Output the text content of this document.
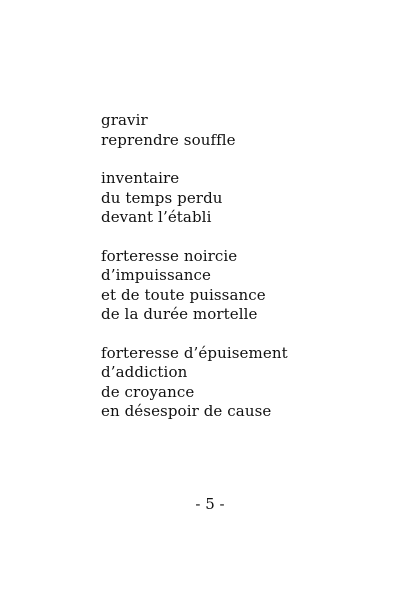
gravir
reprendre souffle
inventaire
du temps perdu
devant l’établi
forteresse noircie
d’impuissance
et de toute puissance
de la durée mortelle
forteresse d’épuisement
d’addiction
de croyance
en désespoir de cause
- 5 -
